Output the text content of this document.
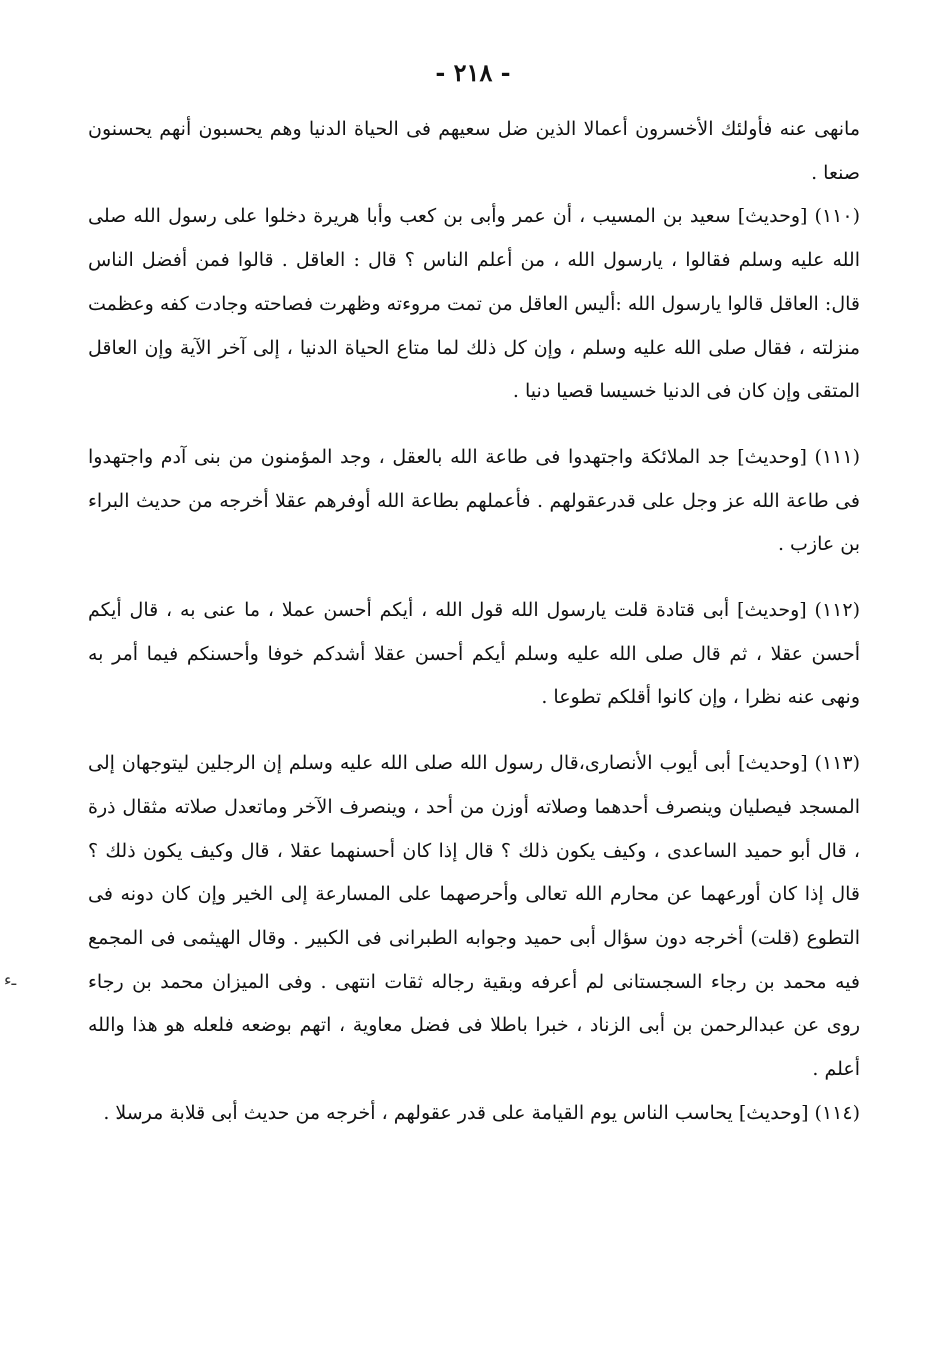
- ٢١٨ -

مانهى عنه فأولئك الأخسرون أعمالا الذين ضل سعيهم فى الحياة الدنيا وهم يحسبون أنهم يحسنون صنعا .

(١١٠) [وحديث] سعيد بن المسيب ، أن عمر وأبى بن كعب وأبا هريرة دخلوا على رسول الله صلى الله عليه وسلم فقالوا ، يارسول الله ، من أعلم الناس ؟ قال : العاقل . قالوا فمن أفضل الناس قال: العاقل قالوا يارسول الله :أليس العاقل من تمت مروءته وظهرت فصاحته وجادت كفه وعظمت منزلته ، فقال صلى الله عليه وسلم ، وإن كل ذلك لما متاع الحياة الدنيا ، إلى آخر الآية وإن العاقل المتقى وإن كان فى الدنيا خسيسا قصيا دنيا .

(١١١) [وحديث] جد الملائكة واجتهدوا فى طاعة الله بالعقل ، وجد المؤمنون من بنى آدم واجتهدوا فى طاعة الله عز وجل على قدرعقولهم . فأعملهم بطاعة الله أوفرهم عقلا أخرجه من حديث البراء بن عازب .

(١١٢) [وحديث] أبى قتادة قلت يارسول الله قول الله ، أيكم أحسن عملا ، ما عنى به ، قال أيكم أحسن عقلا ، ثم قال صلى الله عليه وسلم أيكم أحسن عقلا أشدكم خوفا وأحسنكم فيما أمر به ونهى عنه نظرا ، وإن كانوا أقلكم تطوعا .

(١١٣) [وحديث] أبى أيوب الأنصارى،قال رسول الله صلى الله عليه وسلم إن الرجلين ليتوجهان إلى المسجد فيصليان وينصرف أحدهما وصلاته أوزن من أحد ، وينصرف الآخر وماتعدل صلاته مثقال ذرة ، قال أبو حميد الساعدى ، وكيف يكون ذلك ؟ قال إذا كان أحسنهما عقلا ، قال وكيف يكون ذلك ؟ قال إذا كان أورعهما عن محارم الله تعالى وأحرصهما على المسارعة إلى الخير وإن كان دونه فى التطوع (قلت) أخرجه دون سؤال أبى حميد وجوابه الطبرانى فى الكبير . وقال الهيثمى فى المجمع فيه محمد بن رجاء السجستانى لم أعرفه وبقية رجاله ثقات انتهى . وفى الميزان محمد بن رجاء روى عن عبدالرحمن بن أبى الزناد ، خبرا باطلا فى فضل معاوية ، اتهم بوضعه فلعله هو هذا والله أعلم .

(١١٤) [وحديث] يحاسب الناس يوم القيامة على قدر عقولهم ، أخرجه من حديث أبى قلابة مرسلا .

ـ‍ء
